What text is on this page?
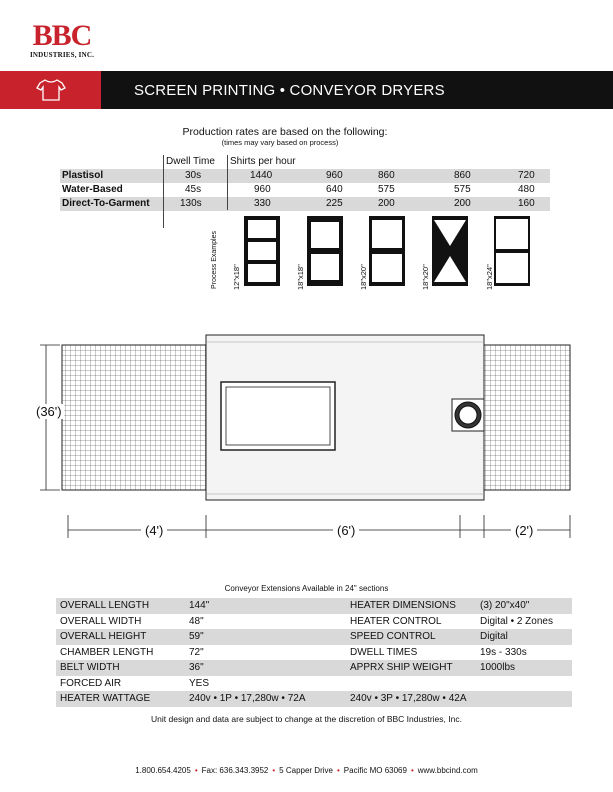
BBC
INDUSTRIES, INC.
SCREEN PRINTING • CONVEYOR DRYERS
Production rates are based on the following:
(times may vary based on process)
Dwell Time Shirts per hour
Plastisol	30s	1440	960	860	860	720
Water-Based	45s	960	640	575	575	480
Direct-To-Garment	130s	330	225	200	200	160
Process Examples 12"x18"	18"x18"	18"x20"	18"x20"	18"x24"
(36')
(4')	(6')	(2')
Conveyor Extensions Available in 24" sections
OVERALL LENGTH	144"	HEATER DIMENSIONS (3) 20"x40"
OVERALL WIDTH	48"	HEATER CONTROL	Digital • 2 Zones
OVERALL HEIGHT	59"	SPEED CONTROL	Digital
CHAMBER LENGTH	72"	DWELL TIMES	19s - 330s
BELT WIDTH	36"	APPRX SHIP WEIGHT	1000lbs
FORCED AIR	YES
HEATER WATTAGE	240v • 1P • 17,280w • 72A	240v • 3P • 17,280w • 42A
Unit design and data are subject to change at the discretion of BBC Industries, Inc.
1.800.654.4205 • Fax: 636.343.3952 • 5 Capper Drive • Pacific MO 63069 • www.bbcind.com
